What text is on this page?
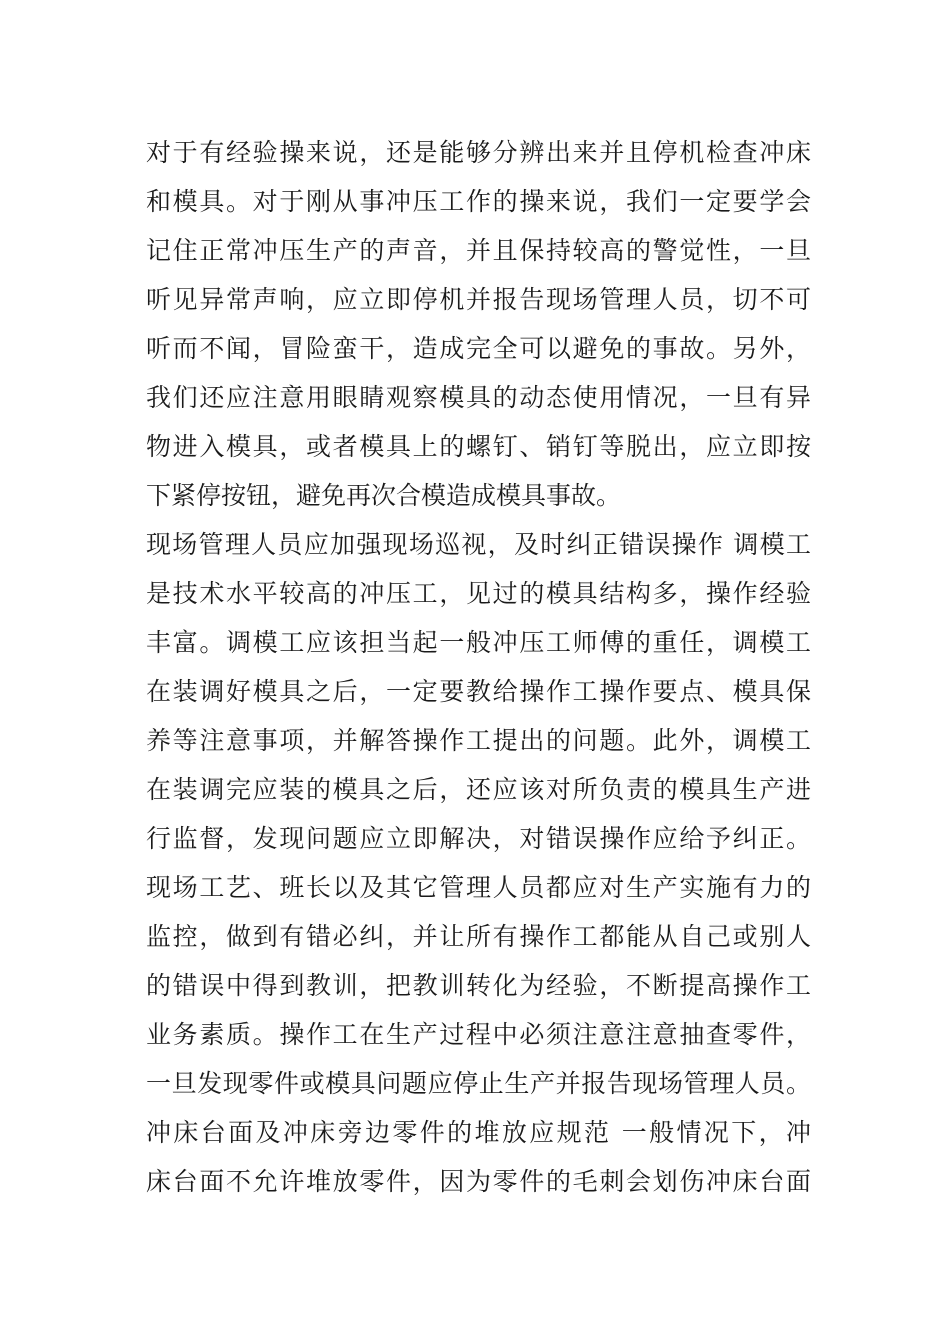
对于有经验操来说，还是能够分辨出来并且停机检查冲床
和模具。对于刚从事冲压工作的操来说，我们一定要学会
记住正常冲压生产的声音，并且保持较高的警觉性，一旦
听见异常声响，应立即停机并报告现场管理人员，切不可
听而不闻，冒险蛮干，造成完全可以避免的事故。另外，
我们还应注意用眼睛观察模具的动态使用情况，一旦有异
物进入模具，或者模具上的螺钉、销钉等脱出，应立即按
下紧停按钮，避免再次合模造成模具事故。
现场管理人员应加强现场巡视，及时纠正错误操作 调模工
是技术水平较高的冲压工，见过的模具结构多，操作经验
丰富。调模工应该担当起一般冲压工师傅的重任，调模工
在装调好模具之后，一定要教给操作工操作要点、模具保
养等注意事项，并解答操作工提出的问题。此外，调模工
在装调完应装的模具之后，还应该对所负责的模具生产进
行监督，发现问题应立即解决，对错误操作应给予纠正。
现场工艺、班长以及其它管理人员都应对生产实施有力的
监控，做到有错必纠，并让所有操作工都能从自己或别人
的错误中得到教训，把教训转化为经验，不断提高操作工
业务素质。操作工在生产过程中必须注意注意抽查零件，
一旦发现零件或模具问题应停止生产并报告现场管理人员。
冲床台面及冲床旁边零件的堆放应规范 一般情况下，冲
床台面不允许堆放零件，因为零件的毛刺会划伤冲床台面
